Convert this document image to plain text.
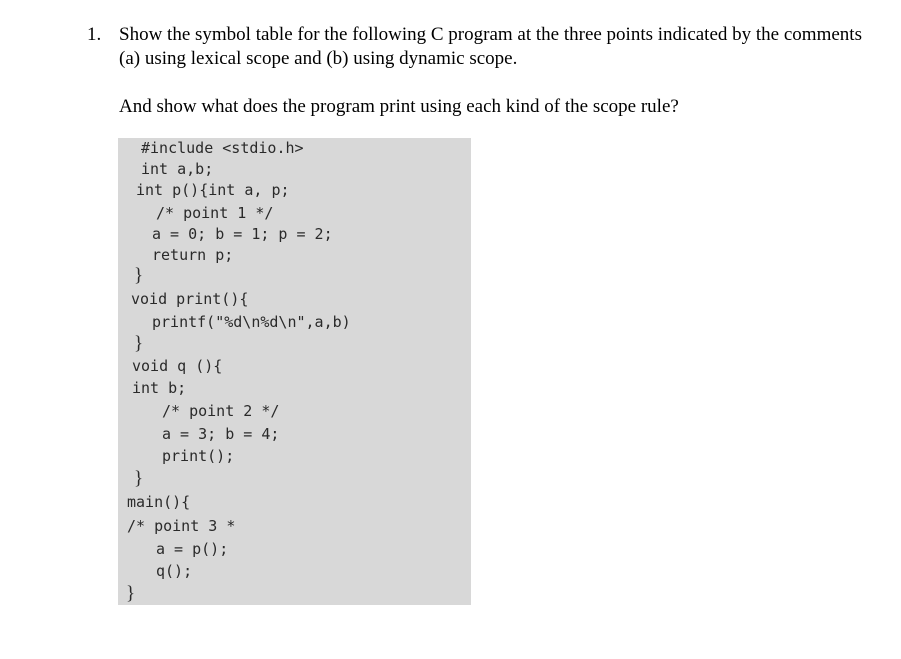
1. Show the symbol table for the following C program at the three points indicated by the comments
(a) using lexical scope and (b) using dynamic scope.
And show what does the program print using each kind of the scope rule?
#include <stdio.h>
int a,b;
int p(){int a, p;
/* point 1 */
a = 0; b = 1; p = 2;
return p;
}
void print(){
printf("%d\n%d\n",a,b)
}
void q (){
int b;
/* point 2 */
a = 3; b = 4;
print();
}
main(){
/* point 3 *
a = p();
q();
}
